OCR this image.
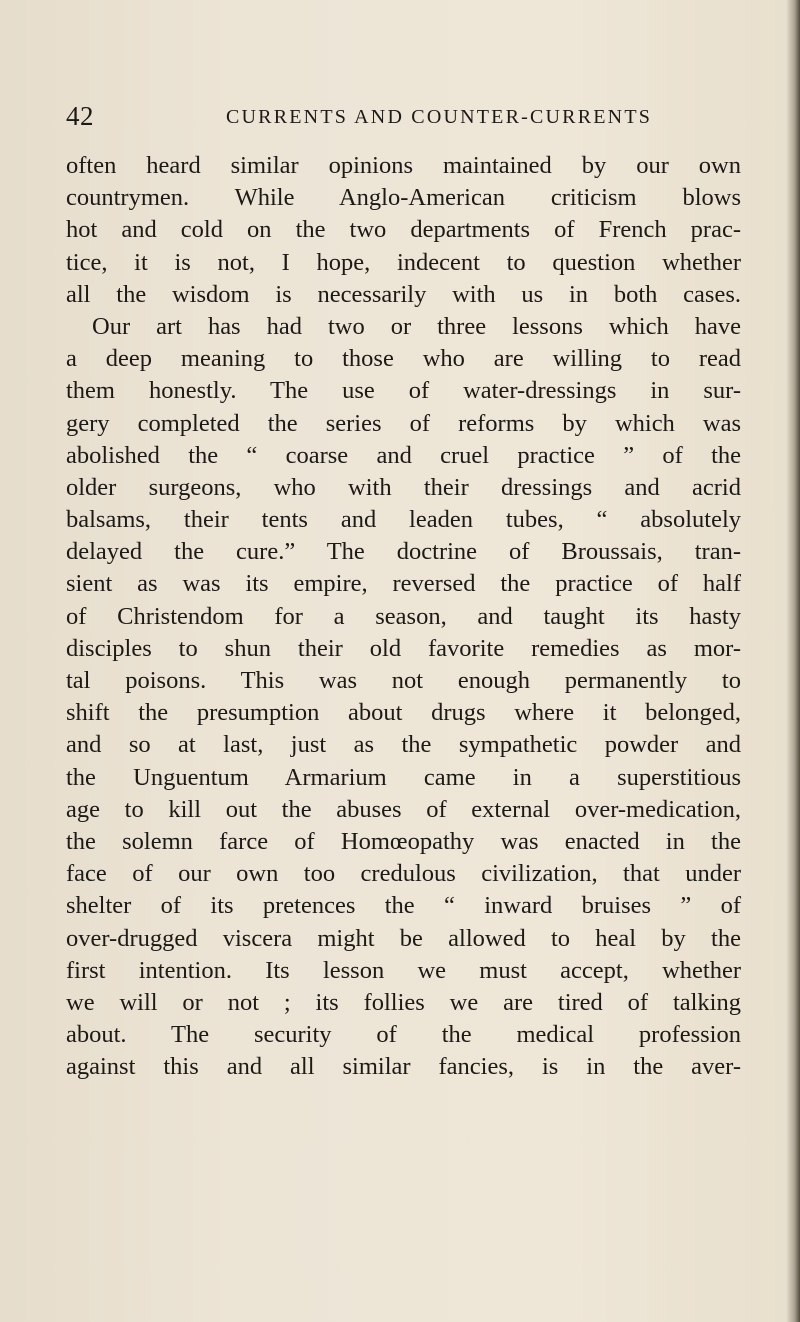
42	CURRENTS AND COUNTER-CURRENTS
often heard similar opinions maintained by our own
countrymen. While Anglo-American criticism blows
hot and cold on the two departments of French prac-
tice, it is not, I hope, indecent to question whether
all the wisdom is necessarily with us in both cases.
Our art has had two or three lessons which have
a deep meaning to those who are willing to read
them honestly. The use of water-dressings in sur-
gery completed the series of reforms by which was
abolished the “ coarse and cruel practice ” of the
older surgeons, who with their dressings and acrid
balsams, their tents and leaden tubes, “ absolutely
delayed the cure.” The doctrine of Broussais, tran-
sient as was its empire, reversed the practice of half
of Christendom for a season, and taught its hasty
disciples to shun their old favorite remedies as mor-
tal poisons. This was not enough permanently to
shift the presumption about drugs where it belonged,
and so at last, just as the sympathetic powder and
the Unguentum Armarium came in a superstitious
age to kill out the abuses of external over-medication,
the solemn farce of Homœopathy was enacted in the
face of our own too credulous civilization, that under
shelter of its pretences the “ inward bruises ” of
over-drugged viscera might be allowed to heal by the
first intention. Its lesson we must accept, whether
we will or not ; its follies we are tired of talking
about. The security of the medical profession
against this and all similar fancies, is in the aver-
